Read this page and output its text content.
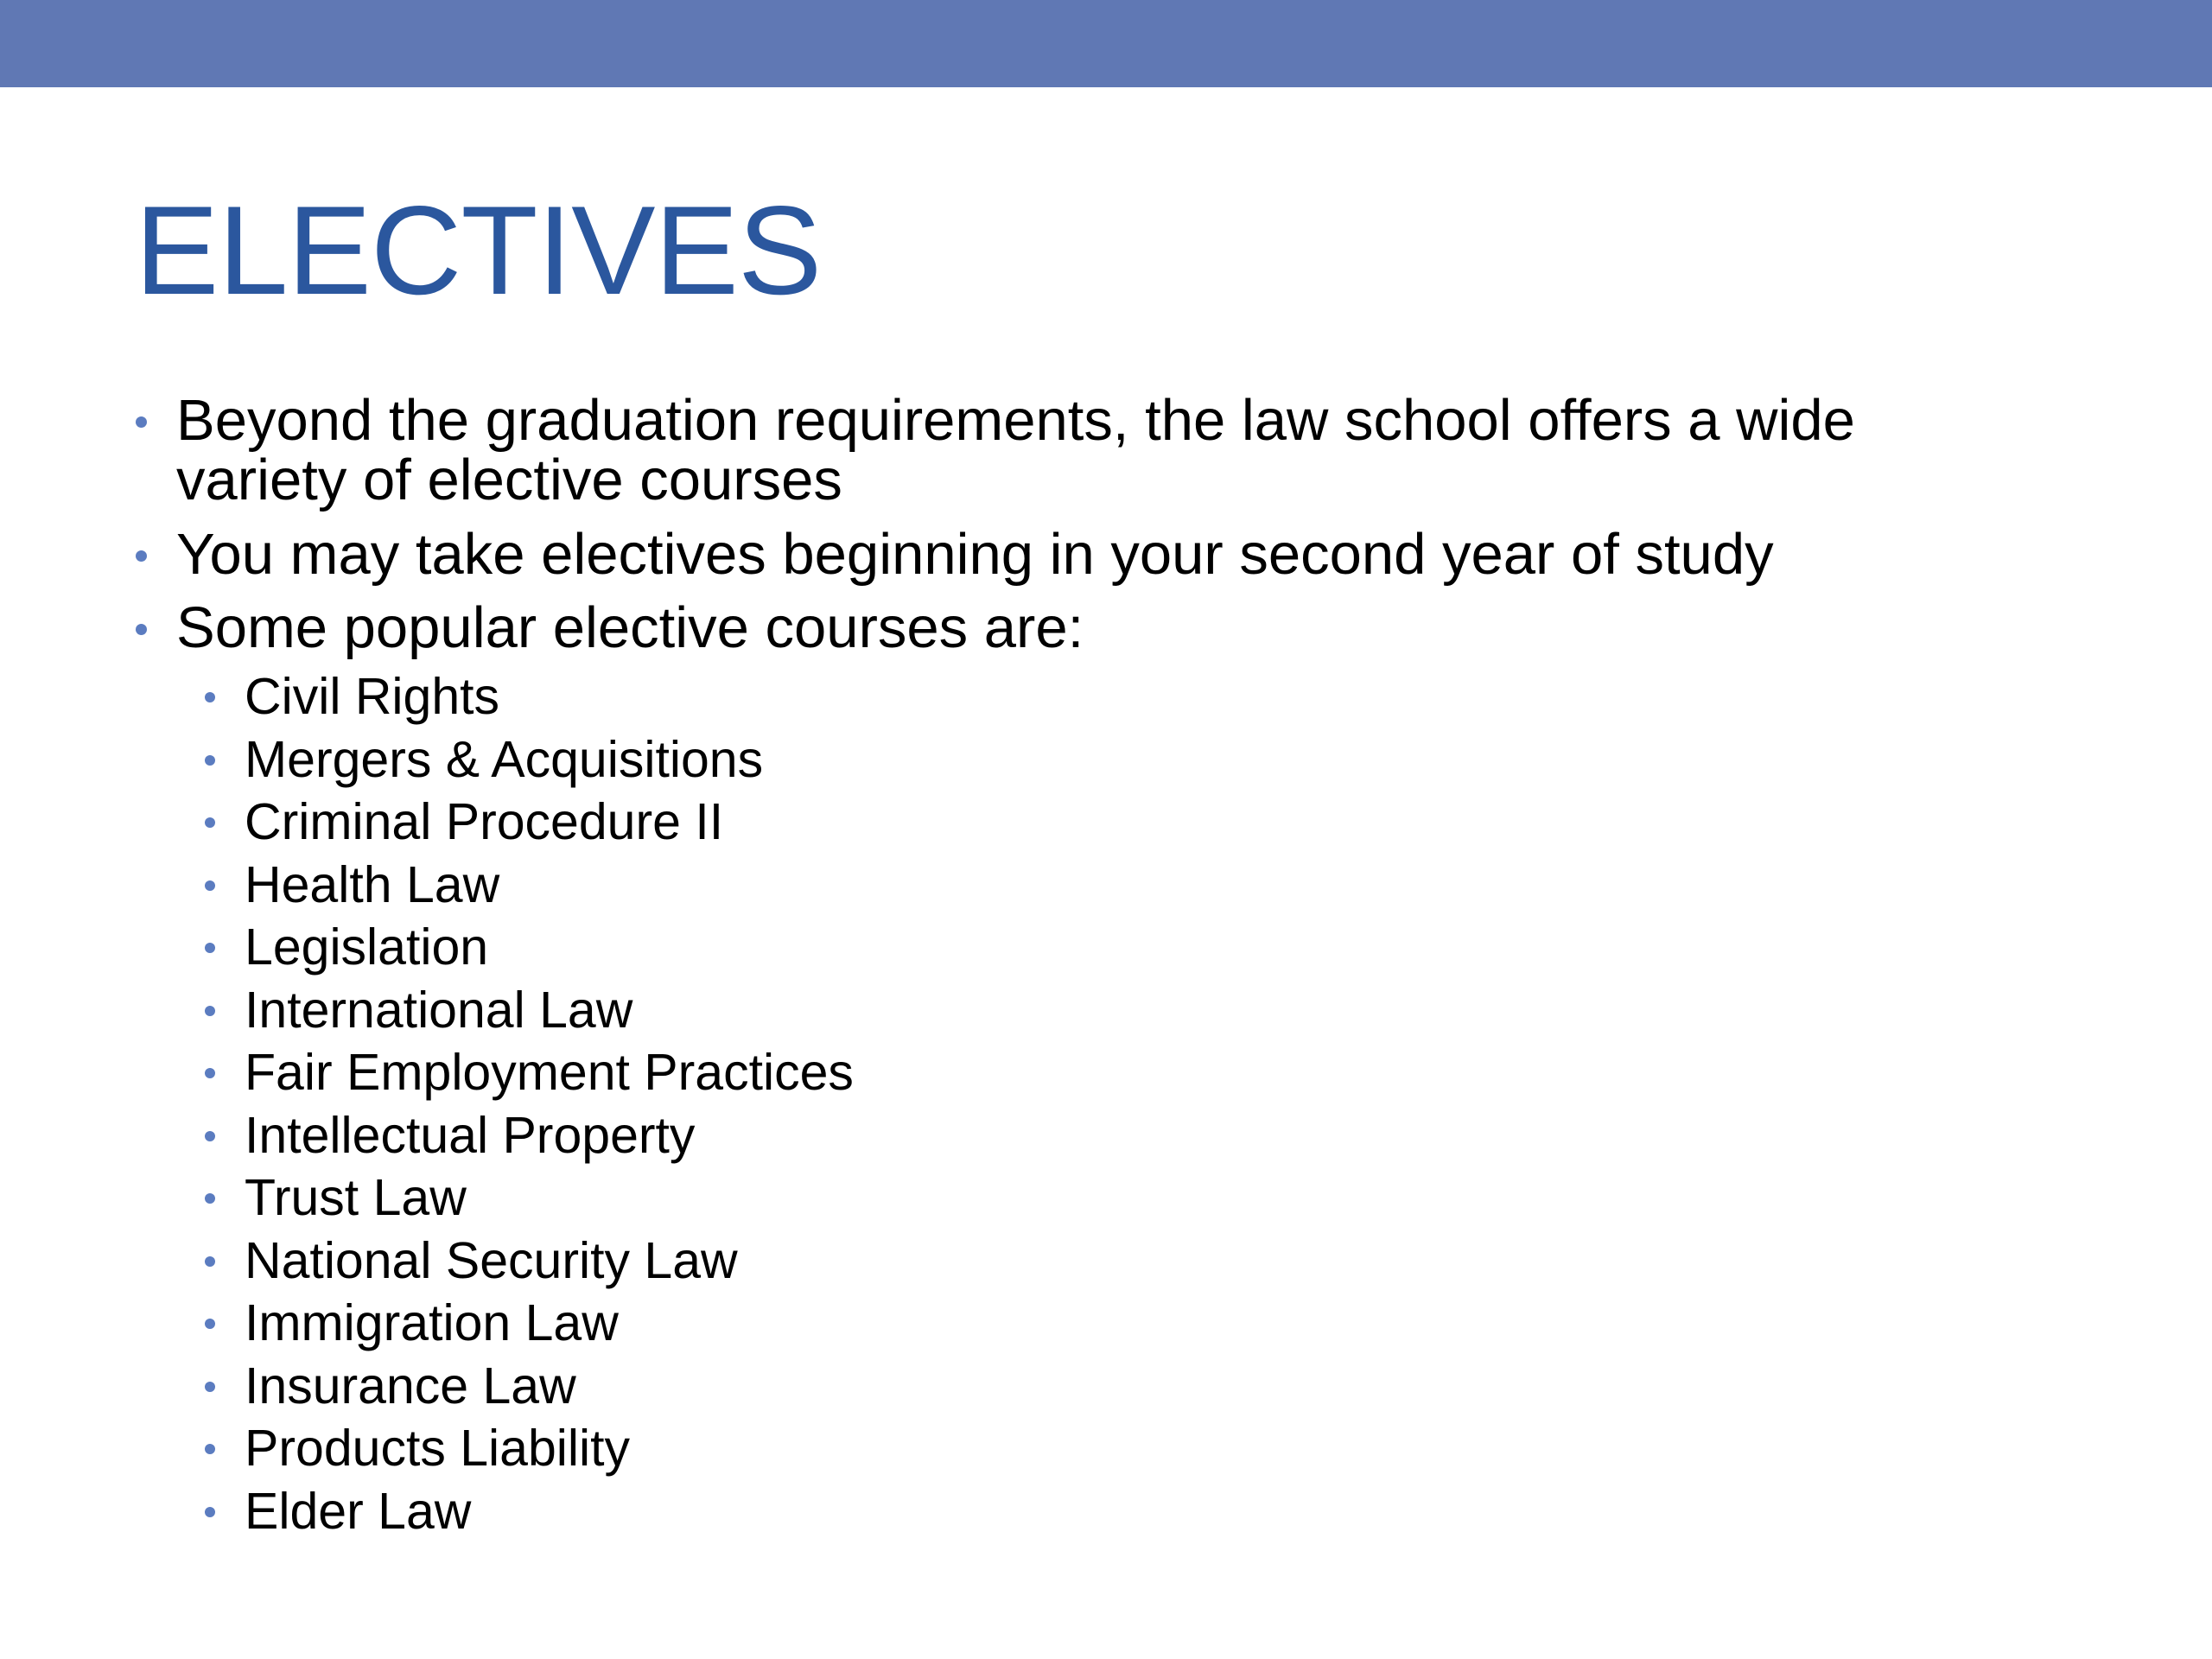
ELECTIVES
Beyond the graduation requirements, the law school offers a wide
variety of elective courses
You may take electives beginning in your second year of study
Some popular elective courses are:
Civil Rights
Mergers & Acquisitions
Criminal Procedure II
Health Law
Legislation
International Law
Fair Employment Practices
Intellectual Property
Trust Law
National Security Law
Immigration Law
Insurance Law
Products Liability
Elder Law
